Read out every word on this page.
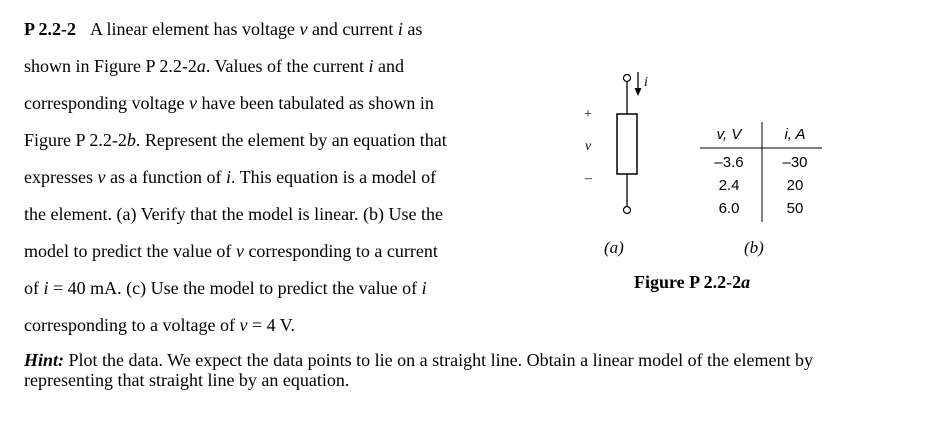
P 2.2-2 A linear element has voltage v and current i as
shown in Figure P 2.2-2a. Values of the current i and
corresponding voltage v have been tabulated as shown in
Figure P 2.2-2b. Represent the element by an equation that
expresses v as a function of i. This equation is a model of
the element. (a) Verify that the model is linear. (b) Use the
model to predict the value of v corresponding to a current
of i = 40 mA. (c) Use the model to predict the value of i
corresponding to a voltage of v = 4 V.
Hint: Plot the data. We expect the data points to lie on a straight line. Obtain a linear model of the element by representing that straight line by an equation.
i
+
v
–
v, V	i, A
–3.6	–30
2.4	20
6.0	50
(a)	(b)
Figure P 2.2-2a
